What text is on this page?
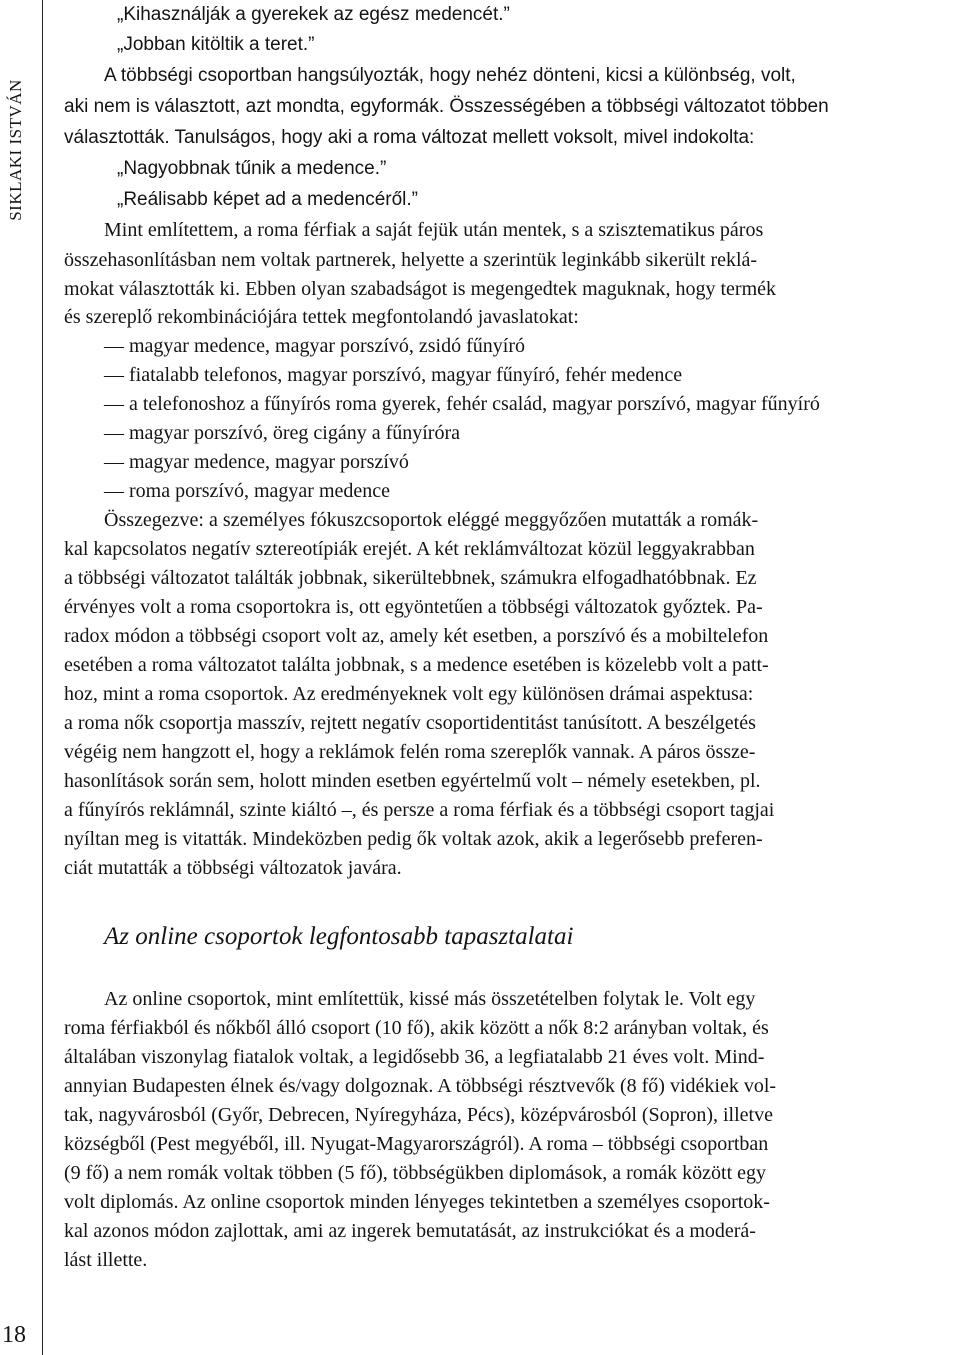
SIKLAKI ISTVÁN
18
„Kihasználják a gyerekek az egész medencét.”
„Jobban kitöltik a teret.”
A többségi csoportban hangsúlyozták, hogy nehéz dönteni, kicsi a különbség, volt,
aki nem is választott, azt mondta, egyformák. Összességében a többségi változatot többen
választották. Tanulságos, hogy aki a roma változat mellett voksolt, mivel indokolta:
„Nagyobbnak tűnik a medence.”
„Reálisabb képet ad a medencéről.”
Mint említettem, a roma férfiak a saját fejük után mentek, s a szisztematikus páros
összehasonlításban nem voltak partnerek, helyette a szerintük leginkább sikerült reklá-
mokat választották ki. Ebben olyan szabadságot is megengedtek maguknak, hogy termék
és szereplő rekombinációjára tettek megfontolandó javaslatokat:
— magyar medence, magyar porszívó, zsidó fűnyíró
— fiatalabb telefonos, magyar porszívó, magyar fűnyíró, fehér medence
— a telefonoshoz a fűnyírós roma gyerek, fehér család, magyar porszívó, magyar fűnyíró
— magyar porszívó, öreg cigány a fűnyíróra
— magyar medence, magyar porszívó
— roma porszívó, magyar medence
Összegezve: a személyes fókuszcsoportok eléggé meggyőzően mutatták a romák-
kal kapcsolatos negatív sztereotípiák erejét. A két reklámváltozat közül leggyakrabban
a többségi változatot találták jobbnak, sikerültebbnek, számukra elfogadhatóbbnak. Ez
érvényes volt a roma csoportokra is, ott egyöntetűen a többségi változatok győztek. Pa-
radox módon a többségi csoport volt az, amely két esetben, a porszívó és a mobiltelefon
esetében a roma változatot találta jobbnak, s a medence esetében is közelebb volt a patt-
hoz, mint a roma csoportok. Az eredményeknek volt egy különösen drámai aspektusa:
a roma nők csoportja masszív, rejtett negatív csoportidentitást tanúsított. A beszélgetés
végéig nem hangzott el, hogy a reklámok felén roma szereplők vannak. A páros össze-
hasonlítások során sem, holott minden esetben egyértelmű volt – némely esetekben, pl.
a fűnyírós reklámnál, szinte kiáltó –, és persze a roma férfiak és a többségi csoport tagjai
nyíltan meg is vitatták. Mindeközben pedig ők voltak azok, akik a legerősebb preferen-
ciát mutatták a többségi változatok javára.
Az online csoportok legfontosabb tapasztalatai
Az online csoportok, mint említettük, kissé más összetételben folytak le. Volt egy
roma férfiakból és nőkből álló csoport (10 fő), akik között a nők 8:2 arányban voltak, és
általában viszonylag fiatalok voltak, a legidősebb 36, a legfiatalabb 21 éves volt. Mind-
annyian Budapesten élnek és/vagy dolgoznak. A többségi résztvevők (8 fő) vidékiek vol-
tak, nagyvárosból (Győr, Debrecen, Nyíregyháza, Pécs), középvárosból (Sopron), illetve
községből (Pest megyéből, ill. Nyugat-Magyarországról). A roma – többségi csoportban
(9 fő) a nem romák voltak többen (5 fő), többségükben diplomások, a romák között egy
volt diplomás. Az online csoportok minden lényeges tekintetben a személyes csoportok-
kal azonos módon zajlottak, ami az ingerek bemutatását, az instrukciókat és a moderá-
lást illette.
